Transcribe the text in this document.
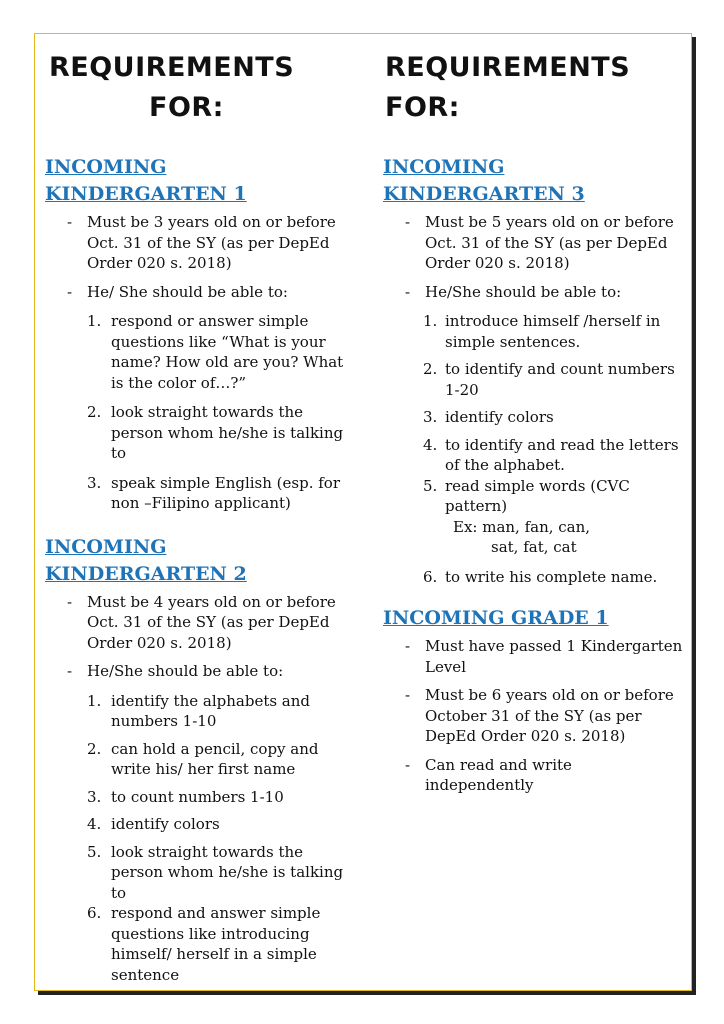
REQUIREMENTS
FOR:
INCOMING
KINDERGARTEN 1
- Must be 3 years old on or before Oct. 31 of the SY (as per DepEd Order 020 s. 2018)
- He/ She should be able to:
1. respond or answer simple questions like “What is your name? How old are you? What is the color of…?”
2. look straight towards the person whom he/she is talking to
3. speak simple English (esp. for non –Filipino applicant)
INCOMING
KINDERGARTEN 2
- Must be 4 years old on or before Oct. 31 of the SY (as per DepEd Order 020 s. 2018)
- He/She should be able to:
1. identify the alphabets and numbers 1-10
2. can hold a pencil, copy and write his/ her first name
3. to count numbers 1-10
4. identify colors
5. look straight towards the person whom he/she is talking to
6. respond and answer simple questions like introducing himself/ herself in a simple sentence
REQUIREMENTS
FOR:
INCOMING
KINDERGARTEN 3
- Must be 5 years old on or before Oct. 31 of the SY (as per DepEd Order 020 s. 2018)
- He/She should be able to:
1. introduce himself /herself in simple sentences.
2. to identify and count numbers 1-20
3. identify colors
4. to identify and read the letters of the alphabet.
5. read simple words (CVC pattern)
Ex: man, fan, can,
sat, fat, cat
6. to write his complete name.
INCOMING GRADE 1
- Must have passed 1 Kindergarten Level
- Must be 6 years old on or before October 31 of the SY (as per DepEd Order 020 s. 2018)
- Can read and write independently
